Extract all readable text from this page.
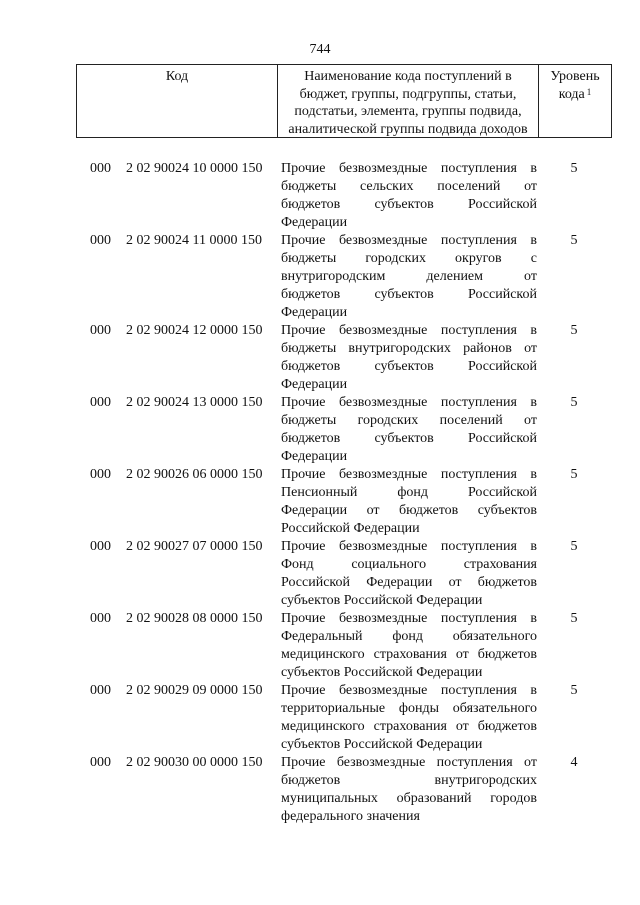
744
Код	Наименование кода поступлений в
бюджет, группы, подгруппы, статьи,
подстатьи, элемента, группы подвида,
аналитической группы подвида доходов
Уровень
кода $^1$
000 2 02 90024 10 0000 150 Прочие безвозмездные поступления в
бюджеты сельских поселений от
бюджетов субъектов Российской
Федерации
5
000 2 02 90024 11 0000 150 Прочие безвозмездные поступления в
бюджеты городских округов с
внутригородским делением от
бюджетов субъектов Российской
Федерации
5
000 2 02 90024 12 0000 150 Прочие безвозмездные поступления в
бюджеты внутригородских районов от
бюджетов субъектов Российской
Федерации
5
000 2 02 90024 13 0000 150 Прочие безвозмездные поступления в
бюджеты городских поселений от
бюджетов субъектов Российской
Федерации
5
000 2 02 90026 06 0000 150 Прочие безвозмездные поступления в
Пенсионный фонд Российской
Федерации от бюджетов субъектов
Российской Федерации
5
000 2 02 90027 07 0000 150 Прочие безвозмездные поступления в
Фонд социального страхования
Российской Федерации от бюджетов
субъектов Российской Федерации
5
000 2 02 90028 08 0000 150 Прочие безвозмездные поступления в
Федеральный фонд обязательного
медицинского страхования от бюджетов
субъектов Российской Федерации
5
000 2 02 90029 09 0000 150 Прочие безвозмездные поступления в
территориальные фонды обязательного
медицинского страхования от бюджетов
субъектов Российской Федерации
5
000 2 02 90030 00 0000 150 Прочие безвозмездные поступления от
бюджетов внутригородских
муниципальных образований городов
федерального значения
4
